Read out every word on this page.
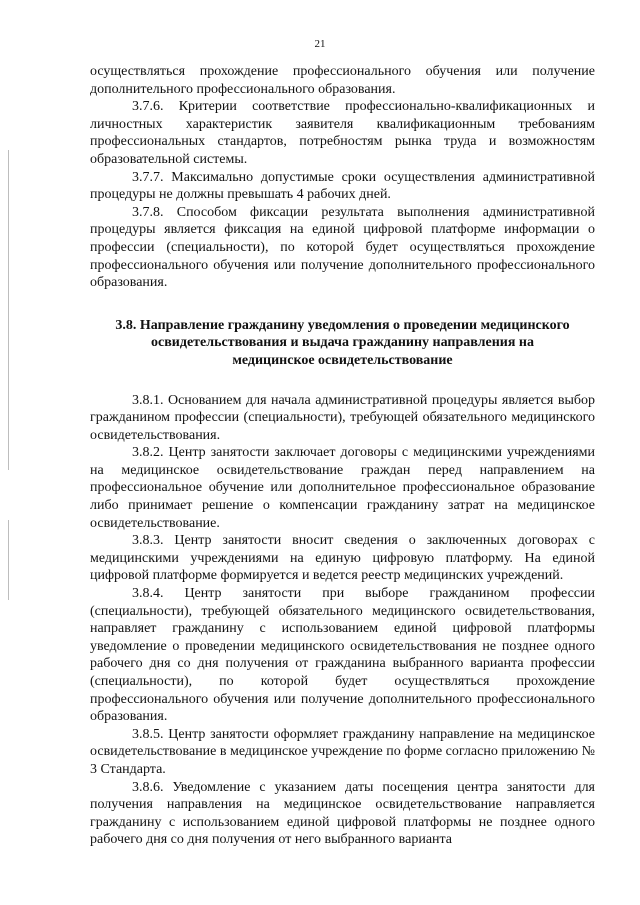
21

осуществляться прохождение профессионального обучения или получение дополнительного профессионального образования.

3.7.6. Критерии соответствие профессионально-квалификационных и личностных характеристик заявителя квалификационным требованиям профессиональных стандартов, потребностям рынка труда и возможностям образовательной системы.

3.7.7. Максимально допустимые сроки осуществления административной процедуры не должны превышать 4 рабочих дней.

3.7.8. Способом фиксации результата выполнения административной процедуры является фиксация на единой цифровой платформе информации о профессии (специальности), по которой будет осуществляться прохождение профессионального обучения или получение дополнительного профессионального образования.

3.8. Направление гражданину уведомления о проведении медицинского
освидетельствования и выдача гражданину направления на
медицинское освидетельствование

3.8.1. Основанием для начала административной процедуры является выбор гражданином профессии (специальности), требующей обязательного медицинского освидетельствования.

3.8.2. Центр занятости заключает договоры с медицинскими учреждениями на медицинское освидетельствование граждан перед направлением на профессиональное обучение или дополнительное профессиональное образование либо принимает решение о компенсации гражданину затрат на медицинское освидетельствование.

3.8.3. Центр занятости вносит сведения о заключенных договорах с медицинскими учреждениями на единую цифровую платформу. На единой цифровой платформе формируется и ведется реестр медицинских учреждений.

3.8.4. Центр занятости при выборе гражданином профессии (специальности), требующей обязательного медицинского освидетельствования, направляет гражданину с использованием единой цифровой платформы уведомление о проведении медицинского освидетельствования не позднее одного рабочего дня со дня получения от гражданина выбранного варианта профессии (специальности), по которой будет осуществляться прохождение профессионального обучения или получение дополнительного профессионального образования.

3.8.5. Центр занятости оформляет гражданину направление на медицинское освидетельствование в медицинское учреждение по форме согласно приложению № 3 Стандарта.

3.8.6. Уведомление с указанием даты посещения центра занятости для получения направления на медицинское освидетельствование направляется гражданину с использованием единой цифровой платформы не позднее одного рабочего дня со дня получения от него выбранного варианта
